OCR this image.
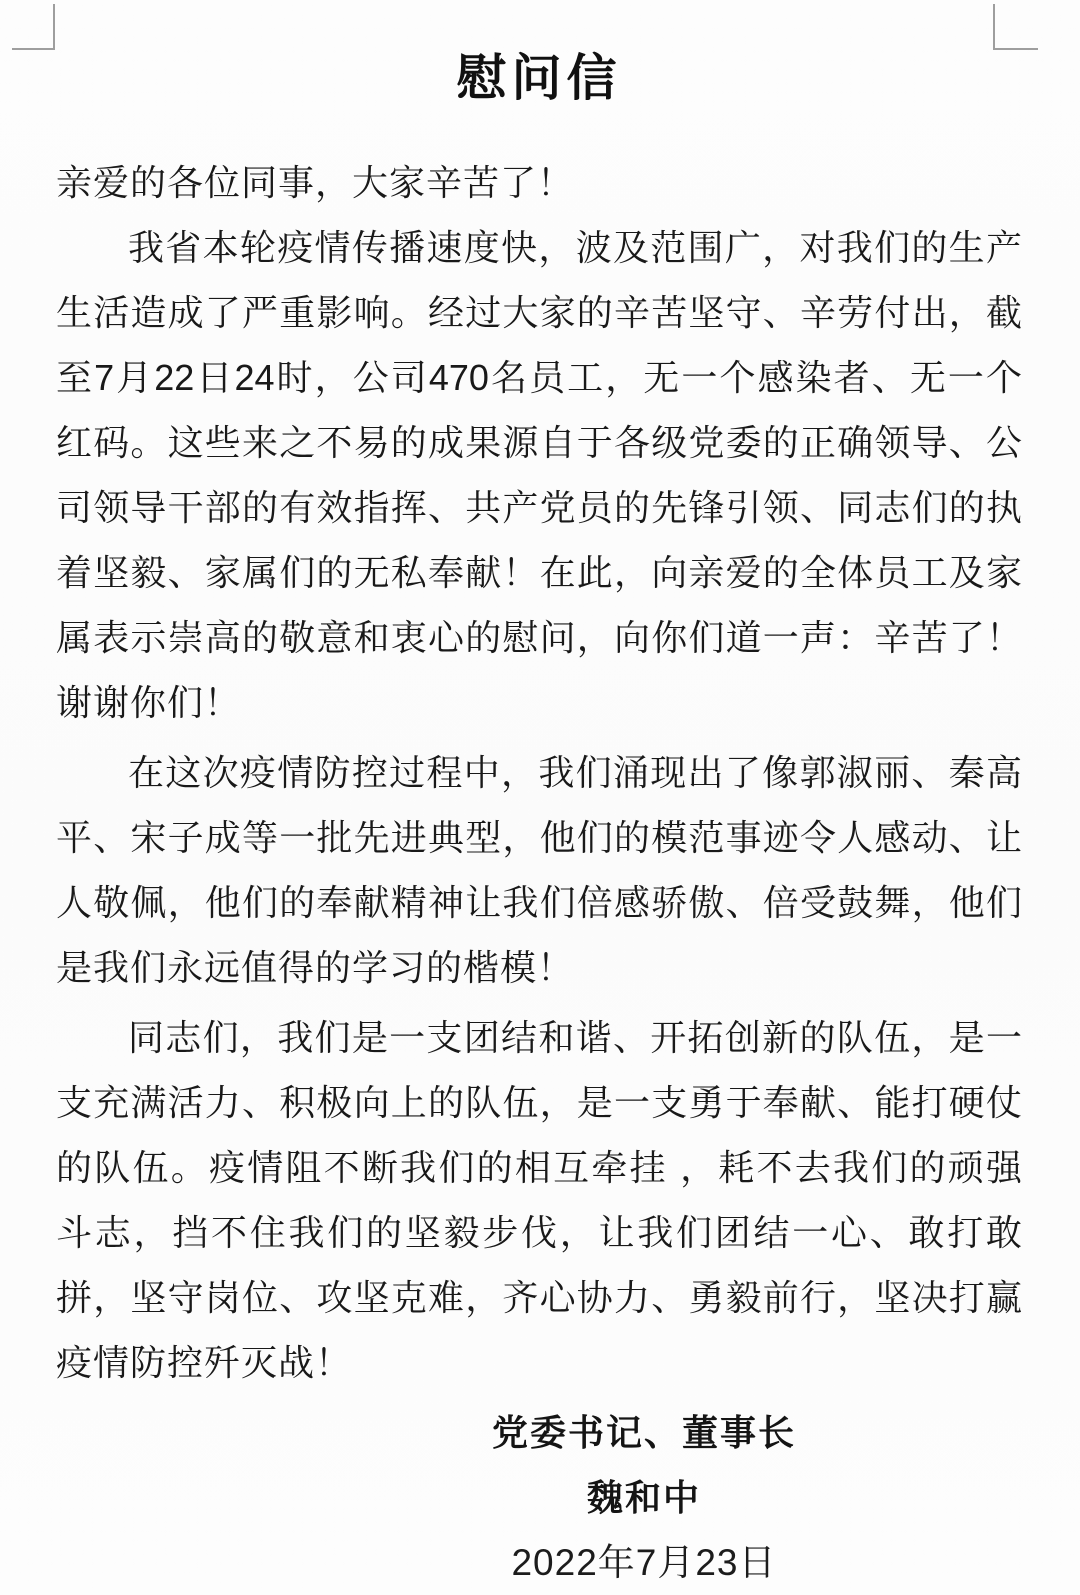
慰问信
亲爱的各位同事，大家辛苦了！
我省本轮疫情传播速度快，波及范围广，对我们的生产
生活造成了严重影响。经过大家的辛苦坚守、辛劳付出，截
至7月22日24时，公司470名员工，无一个感染者、无一个
红码。这些来之不易的成果源自于各级党委的正确领导、公
司领导干部的有效指挥、共产党员的先锋引领、同志们的执
着坚毅、家属们的无私奉献！在此，向亲爱的全体员工及家
属表示崇高的敬意和衷心的慰问，向你们道一声：辛苦了！
谢谢你们！
在这次疫情防控过程中，我们涌现出了像郭淑丽、秦高
平、宋子成等一批先进典型，他们的模范事迹令人感动、让
人敬佩，他们的奉献精神让我们倍感骄傲、倍受鼓舞，他们
是我们永远值得的学习的楷模！
同志们，我们是一支团结和谐、开拓创新的队伍，是一
支充满活力、积极向上的队伍，是一支勇于奉献、能打硬仗
的队伍。疫情阻不断我们的相互牵挂 ，耗不去我们的顽强
斗志，挡不住我们的坚毅步伐，让我们团结一心、敢打敢
拼，坚守岗位、攻坚克难，齐心协力、勇毅前行，坚决打赢
疫情防控歼灭战！
党委书记、董事长
魏和中
2022年7月23日
